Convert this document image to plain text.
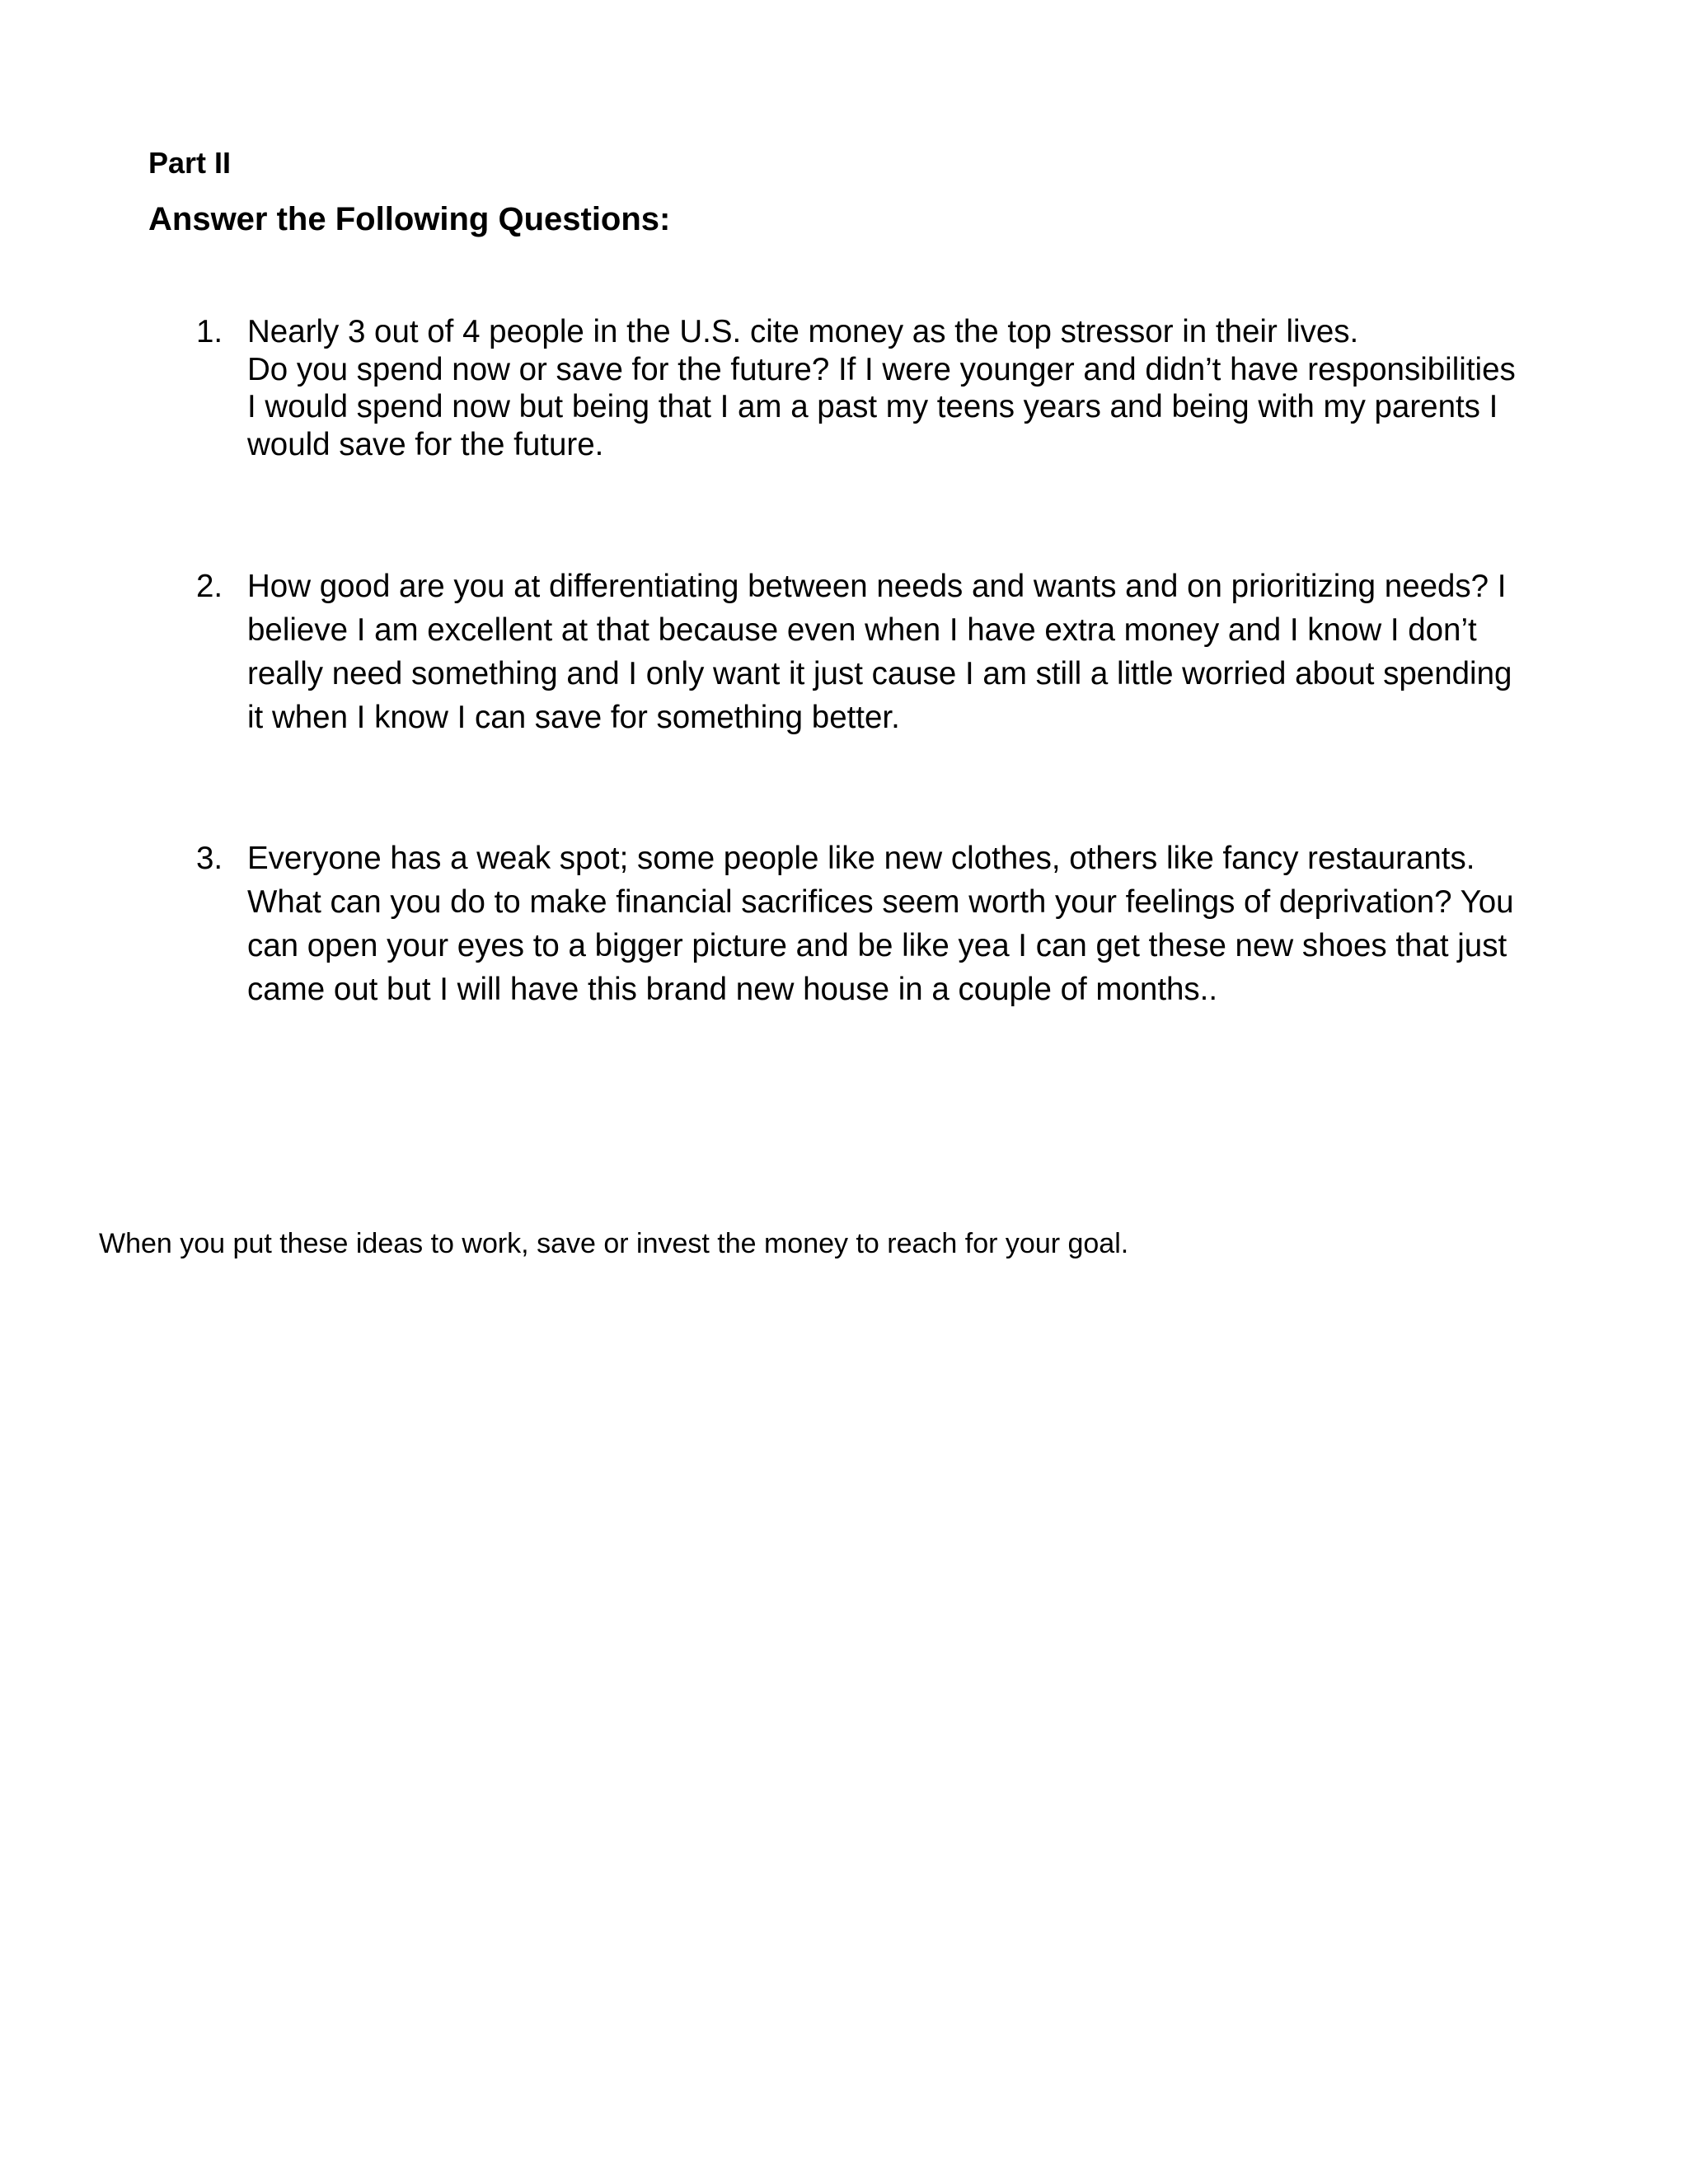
Part II

Answer the Following Questions:
1. Nearly 3 out of 4 people in the U.S. cite money as the top stressor in their lives.
Do you spend now or save for the future? If I were younger and didn’t have responsibilities
I would spend now but being that I am a past my teens years and being with my parents I
would save for the future.
2. How good are you at differentiating between needs and wants and on prioritizing needs? I
believe I am excellent at that because even when I have extra money and I know I don’t
really need something and I only want it just cause I am still a little worried about spending
it when I know I can save for something better.
3. Everyone has a weak spot; some people like new clothes, others like fancy restaurants.
What can you do to make financial sacrifices seem worth your feelings of deprivation? You
can open your eyes to a bigger picture and be like yea I can get these new shoes that just
came out but I will have this brand new house in a couple of months..

When you put these ideas to work, save or invest the money to reach for your goal.
